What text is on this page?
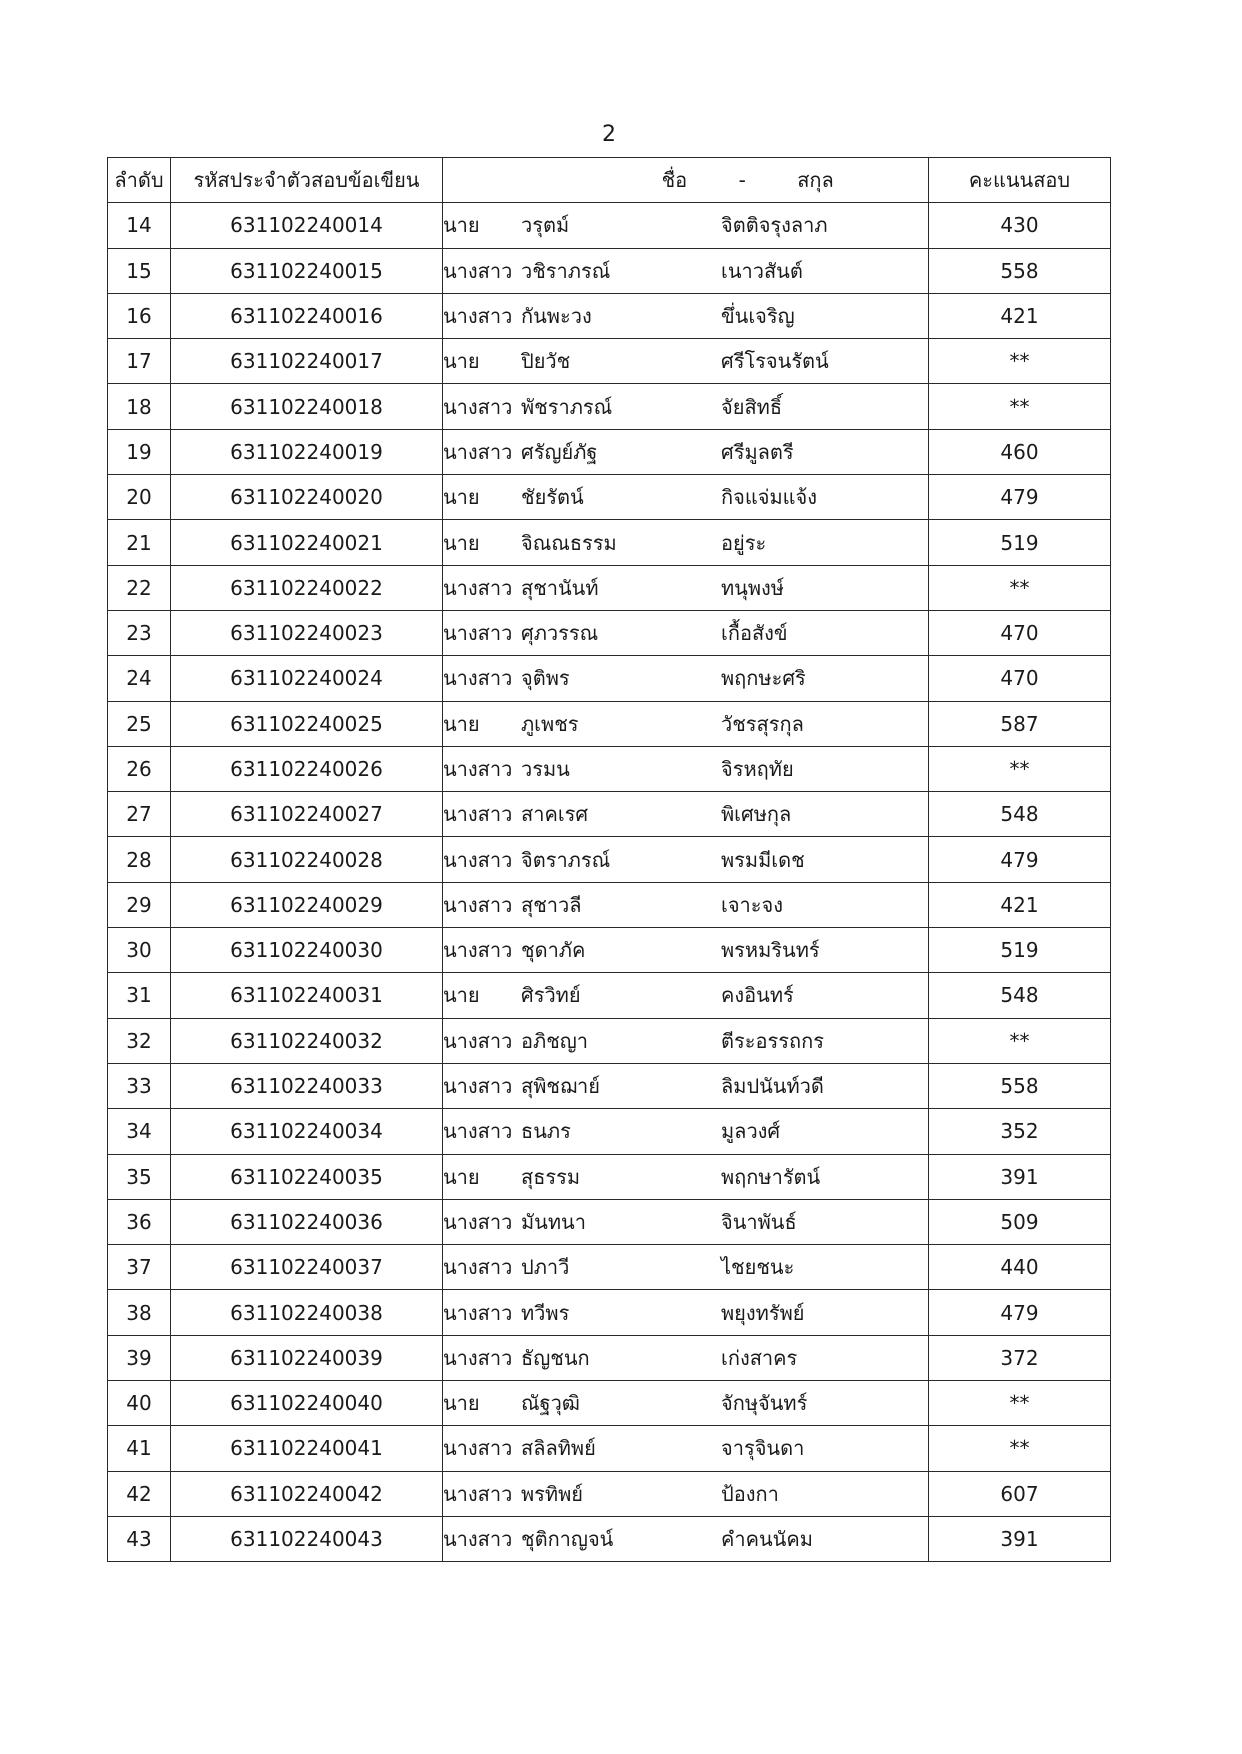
2
ลำดับ	รหัสประจำตัวสอบข้อเขียน	ชื่อ - สกุล	คะแนนสอบ
14	631102240014	นาย วรุตม์ จิตติจรุงลาภ	430
15	631102240015	นางสาว วชิราภรณ์ เนาวสันต์	558
16	631102240016	นางสาว กันพะวง ขึ่นเจริญ	421
17	631102240017	นาย ปิยวัช ศรีโรจนรัตน์	**
18	631102240018	นางสาว พัชราภรณ์ จัยสิทธิ์	**
19	631102240019	นางสาว ศรัญย์ภัฐ ศรีมูลตรี	460
20	631102240020	นาย ชัยรัตน์ กิจแจ่มแจ้ง	479
21	631102240021	นาย จิณณธรรม อยู่ระ	519
22	631102240022	นางสาว สุชานันท์ ทนุพงษ์	**
23	631102240023	นางสาว ศุภวรรณ เกื้อสังข์	470
24	631102240024	นางสาว จุติพร พฤกษะศริ	470
25	631102240025	นาย ภูเพชร วัชรสุรกุล	587
26	631102240026	นางสาว วรมน จิรหฤทัย	**
27	631102240027	นางสาว สาคเรศ พิเศษกุล	548
28	631102240028	นางสาว จิตราภรณ์ พรมมีเดช	479
29	631102240029	นางสาว สุชาวลี เจาะจง	421
30	631102240030	นางสาว ชุดาภัค พรหมรินทร์	519
31	631102240031	นาย ศิรวิทย์ คงอินทร์	548
32	631102240032	นางสาว อภิชญา ตีระอรรถกร	**
33	631102240033	นางสาว สุพิชฌาย์ ลิมปนันท์วดี	558
34	631102240034	นางสาว ธนภร มูลวงศ์	352
35	631102240035	นาย สุธรรม พฤกษารัตน์	391
36	631102240036	นางสาว มันทนา จินาพันธ์	509
37	631102240037	นางสาว ปภาวี ไชยชนะ	440
38	631102240038	นางสาว ทวีพร พยุงทรัพย์	479
39	631102240039	นางสาว ธัญชนก เก่งสาคร	372
40	631102240040	นาย ณัฐวุฒิ จักษุจันทร์	**
41	631102240041	นางสาว สลิลทิพย์ จารุจินดา	**
42	631102240042	นางสาว พรทิพย์ ป้องกา	607
43	631102240043	นางสาว ชุติกาญจน์ คำคนนัคม	391
